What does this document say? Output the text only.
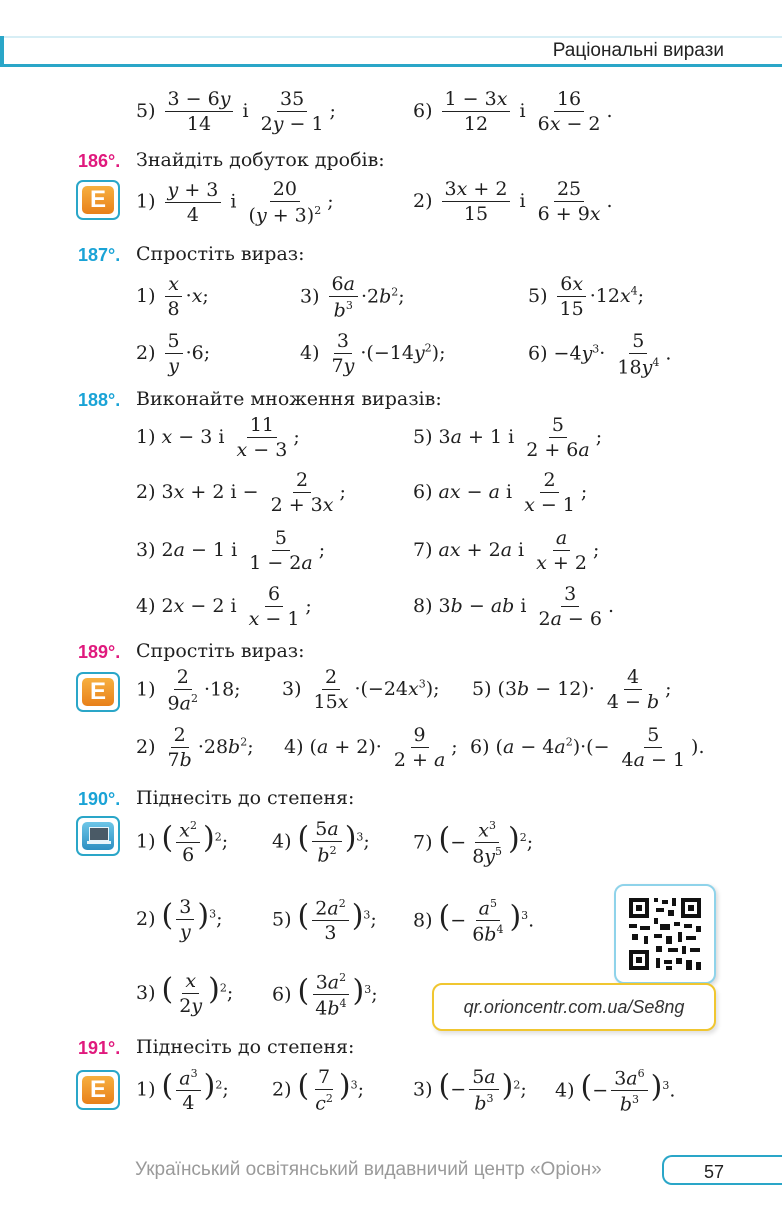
Раціональні вирази
$5) \frac{3 - 6y}{14}$ і $\frac{35}{2y - 1}$ ;	$6) \frac{1 - 3x}{12}$ і $\frac{16}{6x - 2}$ .
186°. Знайдіть добуток дробів:
E	$1) \frac{y + 3}{4}$ і $\frac{20}{(y + 3)^2}$ ;	$2) \frac{3x + 2}{15}$ і $\frac{25}{6 + 9x}$ .
187°. Спростіть вираз:
$1) \frac{x}{8} \cdot x$;	$3) \frac{6a}{b^3} \cdot 2b^2$;	$5) \frac{6x}{15} \cdot 12x^4$;
$2) \frac{5}{y} \cdot 6$;	$4) \frac{3}{7y} \cdot(-14y^2)$;	$6) -4y^3\cdot \frac{5}{18y^4}$ .
188°. Виконайте множення виразів:
1) x − 3 і $\frac{11}{x - 3}$ ;	5) 3a + 1 і $\frac{5}{2 + 6a}$ ;
2) 3x + 2 $і - \frac{2}{2 + 3x}$ ;	6) ax − a і $\frac{2}{x - 1}$ ;
3) 2a − 1 і $\frac{5}{1 - 2a}$ ;	7) ax + 2a і $\frac{a}{x + 2}$ ;
4) 2x − 2 і $\frac{6}{x - 1}$ ;	8) 3b − ab і $\frac{3}{2a - 6}$ .
189°. Спростіть вираз:
E	$1) \frac{2}{9a^2} \cdot 18$; $3) \frac{2}{15x} \cdot(-24x^3)$; 5) $(3b - 12)\cdot \frac{4}{4 - b}$ ;
$2) \frac{2}{7b} \cdot 28b^2$; 4) $(a + 2)\cdot \frac{9}{2 + a}$ ; 6) $(a - 4a^2)\cdot(- \frac{5}{4a - 1}$ ).
190°. Піднесіть до степеня:
1) ( $\frac{x^2}{6} )^2$; 4) ( $\frac{5a}{b^2} )^3$; 7) (− $\frac{x^3}{8y^5} )^2$;
2) ( $\frac{3}{y} )^3$;	5) ( $\frac{2a^2}{3} )^3$; 8) (− $\frac{a^5}{6b^4} )^3$.
3) ( $\frac{x}{2y} )^2$; 6) ( $\frac{3a^2}{4b^4} )^3$;
qr.orioncentr.com.ua/Se8ng
191°. Піднесіть до степеня:
E	1) ( $\frac{a^3}{4} )^2$; 2) ( $\frac{7}{c^2} )^3$;	3) (− $\frac{5a}{b^3} )^2$; 4) (− $\frac{3a^6}{b^3} )^3$.
Український освітянський видавничий центр «Оріон»	57
